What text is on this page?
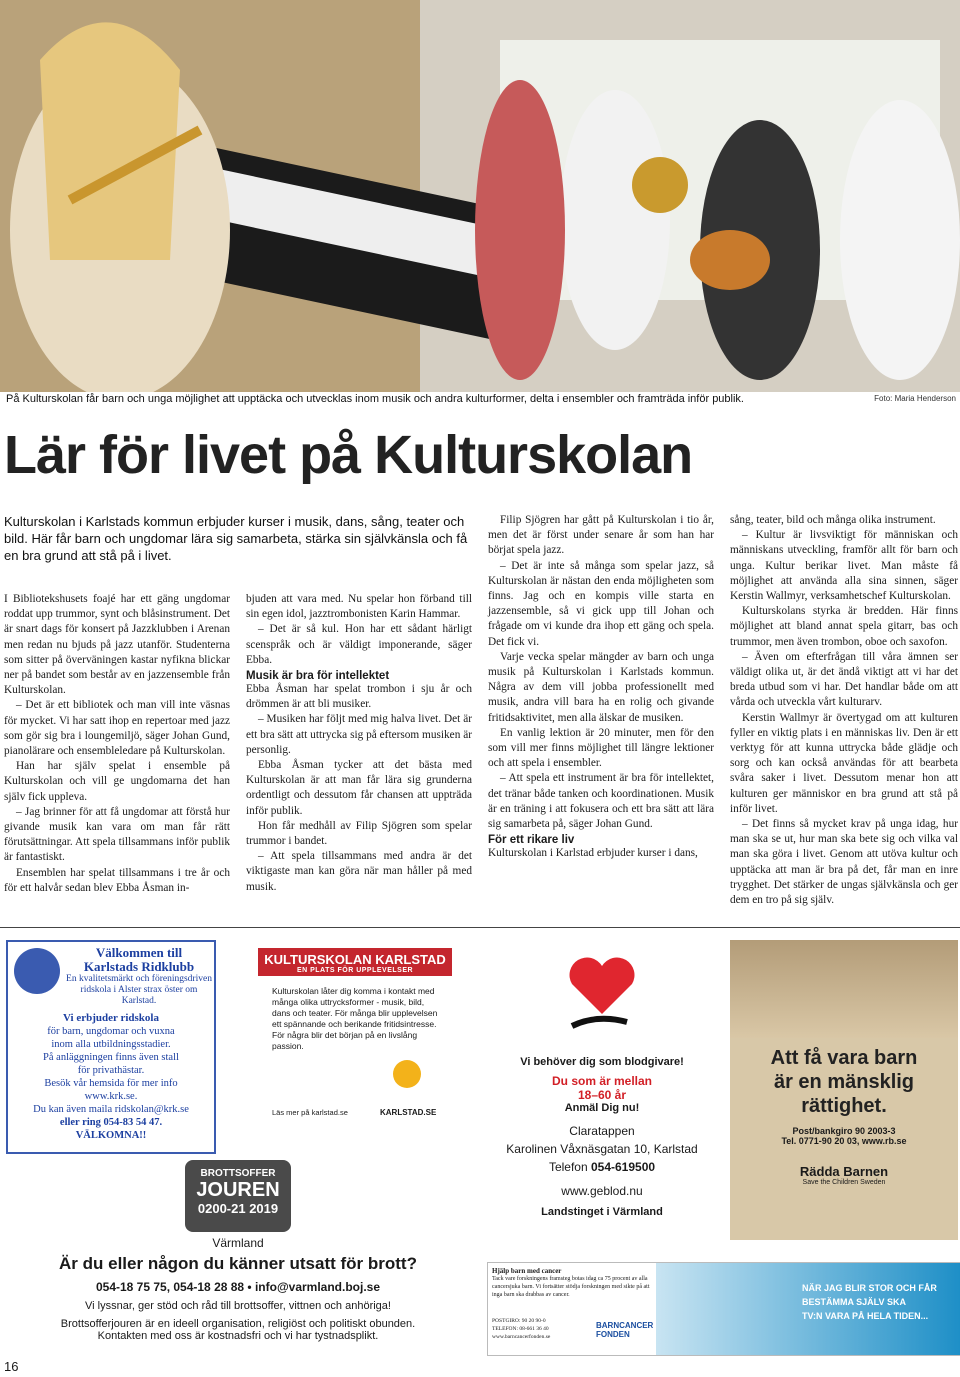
På Kulturskolan får barn och unga möjlighet att upptäcka och utvecklas inom musik och andra kulturformer, delta i ensembler och framträda inför publik.	Foto: Maria Henderson
Lär för livet på Kulturskolan
Kulturskolan i Karlstads kommun erbjuder kurser i musik, dans, sång, teater och bild. Här får barn och ungdomar lära sig samarbeta, stärka sin självkänsla och få en bra grund att stå på i livet.

I Bibliotekshusets foajé har ett gäng ungdomar roddat upp trummor, synt och blåsinstrument. Det är snart dags för konsert på Jazzklubben i Arenan men redan nu bjuds på jazz utanför. Studenterna som sitter på överväningen kastar nyfikna blickar ner på bandet som består av en jazzensemble från Kulturskolan.

– Det är ett bibliotek och man vill inte väsnas för mycket. Vi har satt ihop en repertoar med jazz som gör sig bra i loungemiljö, säger Johan Gund, pianolärare och ensembleledare på Kulturskolan.

Han har själv spelat i ensemble på Kulturskolan och vill ge ungdomarna det han själv fick uppleva.

– Jag brinner för att få ungdomar att förstå hur givande musik kan vara om man får rätt förutsättningar. Att spela tillsammans inför publik är fantastiskt.

Ensemblen har spelat tillsammans i tre år och för ett halvår sedan blev Ebba Åsman in-

bjuden att vara med. Nu spelar hon förband till sin egen idol, jazztrombonisten Karin Hammar.

– Det är så kul. Hon har ett sådant härligt scenspråk och är väldigt imponerande, säger Ebba.

Musik är bra för intellektet

Ebba Åsman har spelat trombon i sju år och drömmen är att bli musiker.

– Musiken har följt med mig halva livet. Det är ett bra sätt att uttrycka sig på eftersom musiken är personlig.

Ebba Åsman tycker att det bästa med Kulturskolan är att man får lära sig grunderna ordentligt och dessutom får chansen att uppträda inför publik.

Hon får medhåll av Filip Sjögren som spelar trummor i bandet.

– Att spela tillsammans med andra är det viktigaste man kan göra när man håller på med musik.

Filip Sjögren har gått på Kulturskolan i tio år, men det är först under senare år som han har börjat spela jazz.

– Det är inte så många som spelar jazz, så Kulturskolan är nästan den enda möjligheten som finns. Jag och en kompis ville starta en jazzensemble, så vi gick upp till Johan och frågade om vi kunde dra ihop ett gäng och spela. Det fick vi.

Varje vecka spelar mängder av barn och unga musik på Kulturskolan i Karlstads kommun. Några av dem vill jobba professionellt med musik, andra vill bara ha en rolig och givande fritidsaktivitet, men alla älskar de musiken.

En vanlig lektion är 20 minuter, men för den som vill mer finns möjlighet till längre lektioner och att spela i ensembler.

– Att spela ett instrument är bra för intellektet, det tränar både tanken och koordinationen. Musik är en träning i att fokusera och ett bra sätt att lära sig samarbeta på, säger Johan Gund.

För ett rikare liv

Kulturskolan i Karlstad erbjuder kurser i dans,

sång, teater, bild och många olika instrument.

– Kultur är livsviktigt för människan och människans utveckling, framför allt för barn och unga. Kultur berikar livet. Man måste få möjlighet att använda alla sina sinnen, säger Kerstin Wallmyr, verksamhetschef Kulturskolan.

Kulturskolans styrka är bredden. Här finns möjlighet att bland annat spela gitarr, bas och trummor, men även trombon, oboe och saxofon.

– Även om efterfrågan till våra ämnen ser väldigt olika ut, är det ändå viktigt att vi har det breda utbud som vi har. Det handlar både om att vårda och utveckla vårt kulturarv.

Kerstin Wallmyr är övertygad om att kulturen fyller en viktig plats i en människas liv. Den är ett verktyg för att kunna uttrycka både glädje och sorg och kan också användas för att bearbeta svåra saker i livet. Dessutom menar hon att kulturen ger människor en bra grund att stå på inför livet.

– Det finns så mycket krav på unga idag, hur man ska se ut, hur man ska bete sig och vilka val man ska göra i livet. Genom att utöva kultur och upptäcka att man är bra på det, får man en inre trygghet. Det stärker de ungas självkänsla och ger dem en tro på sig själv.

Välkommen till
Karlstads Ridklubb
En kvalitetsmärkt och föreningsdriven ridskola i Alster strax öster om Karlstad.
Vi erbjuder ridskola
för barn, ungdomar och vuxna
inom alla utbildningsstadier.
På anläggningen finns även stall
för privathästar.
Besök vår hemsida för mer info
www.krk.se.
Du kan även maila ridskolan@krk.se
eller ring 054-83 54 47.
VÄLKOMNA!!
KULTURSKOLAN KARLSTAD
EN PLATS FÖR UPPLEVELSER
Kulturskolan låter dig komma i kontakt med många olika uttrycksformer - musik, bild, dans och teater. För många blir upplevelsen ett spännande och berikande fritidsintresse. För några blir det början på en livslång passion.
Läs mer på karlstad.se	KARLSTAD.SE
Vi behöver dig som blodgivare!
Du som är mellan
18–60 år
Anmäl Dig nu!
Claratappen
Karolinen Våxnäsgatan 10, Karlstad
Telefon 054-619500
www.geblod.nu
Landstinget i Värmland
Att få vara barn
är en mänsklig
rättighet.
Post/bankgiro 90 2003-3
Tel. 0771-90 20 03, www.rb.se
Rädda Barnen
Save the Children Sweden
BROTTSOFFER
JOUREN
0200-21 2019
Värmland
Är du eller någon du känner utsatt för brott?
054-18 75 75, 054-18 28 88 • info@varmland.boj.se
Vi lyssnar, ger stöd och råd till brottsoffer, vittnen och anhöriga!
Brottsofferjouren är en ideell organisation, religiöst och politiskt obunden.
Kontakten med oss är kostnadsfri och vi har tystnadsplikt.
Hjälp barn med cancer
Tack vare forskningens framsteg botas idag ca 75 procent av alla cancersjuka barn. Vi fortsätter stödja forskningen med sikte på att inga barn ska drabbas av cancer.
POSTGIRO: 90 20 90-0
TELEFON: 08-661 36 40
www.barncancerfonden.se
BARNCANCER
FONDEN
NÄR JAG BLIR STOR OCH FÅR
BESTÄMMA SJÄLV SKA
TV:N VARA PÅ HELA TIDEN...
16
